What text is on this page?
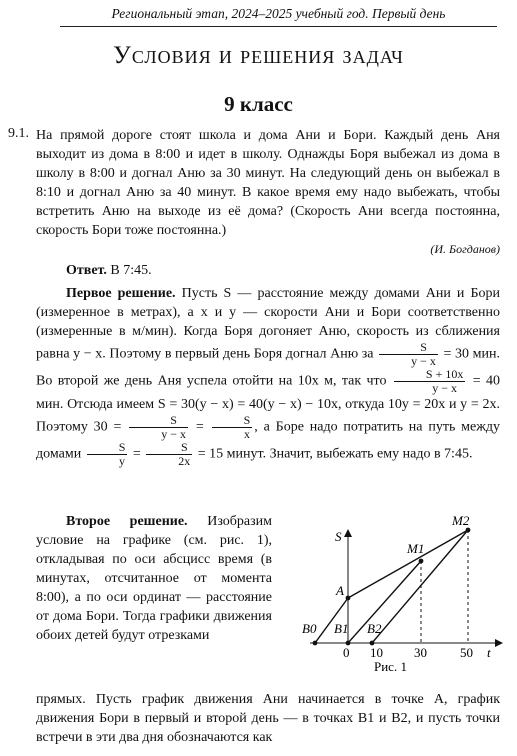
Региональный этап, 2024–2025 учебный год. Первый день
Условия и решения задач
9 класс
9.1. На прямой дороге стоят школа и дома Ани и Бори. Каждый день Аня выходит из дома в 8:00 и идет в школу. Однажды Боря выбежал из дома в школу в 8:00 и догнал Аню за 30 минут. На следующий день он выбежал в 8:10 и догнал Аню за 40 минут. В какое время ему надо выбежать, чтобы встретить Аню на выходе из её дома? (Скорость Ани всегда постоянна, скорость Бори тоже постоянна.)
(И. Богданов)
Ответ. В 7:45.
Первое решение. Пусть S — расстояние между домами Ани и Бори (измеренное в метрах), а x и y — скорости Ани и Бори соответственно (измеренные в м/мин). Когда Боря догоняет Аню, скорость из сближения равна y − x. Поэтому в первый день Боря догнал Аню за $\frac{S}{y - x} = 30$ мин. Во второй же день Аня успела отойти на 10x м, так что $\frac{S + 10x}{y - x} = 40$ мин. Отсюда имеем S = 30(y − x) = 40(y − x) − 10x, откуда 10y = 20x и y = 2x. Поэтому $30 = \frac{S}{y - x} = \frac{S}{x}$ , а Боре надо потратить на путь между домами $\frac{S}{y} = \frac{S}{2x} = 15$ минут. Значит, выбежать ему надо в 7:45.
Второе решение. Изобразим условие на графике (см. рис. 1), откладывая по оси абсцисс время (в минутах, отсчитанное от момента 8:00), а по оси ординат — расстояние от дома Бори. Тогда графики движения обоих детей будут отрезками
S
t
0 10 30	50
A
M1
M2
B0 B1 B2
Рис. 1
прямых. Пусть график движения Ани начинается в точке A, график движения Бори в первый и второй день — в точках B1 и B2, и пусть точки встречи в эти два дня обозначаются как
